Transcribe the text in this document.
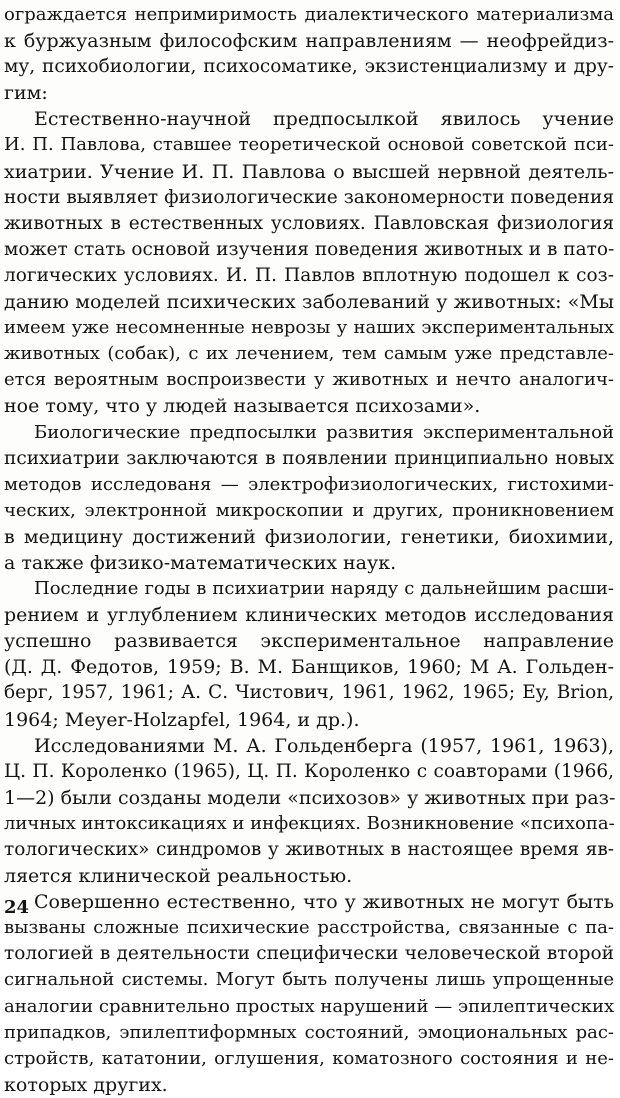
ограждается непримиримость диалектического материализма
к буржуазным философским направлениям — неофрейдиз-
му, психобиологии, психосоматике, экзистенциализму и дру-
гим:
Естественно-научной предпосылкой явилось учение
И. П. Павлова, ставшее теоретической основой советской пси-
хиатрии. Учение И. П. Павлова о высшей нервной деятель-
ности выявляет физиологические закономерности поведения
животных в естественных условиях. Павловская физиология
может стать основой изучения поведения животных и в пато-
логических условиях. И. П. Павлов вплотную подошел к соз-
данию моделей психических заболеваний у животных: «Мы
имеем уже несомненные неврозы у наших экспериментальных
животных (собак), с их лечением, тем самым уже представле-
ется вероятным воспроизвести у животных и нечто аналогич-
ное тому, что у людей называется психозами».
Биологические предпосылки развития экспериментальной
психиатрии заключаются в появлении принципиально новых
методов исследованя — электрофизиологических, гистохими-
ческих, электронной микроскопии и других, проникновением
в медицину достижений физиологии, генетики, биохимии,
а также физико-математических наук.
Последние годы в психиатрии наряду с дальнейшим расши-
рением и углублением клинических методов исследования
успешно развивается экспериментальное направление
(Д. Д. Федотов, 1959; В. М. Банщиков, 1960; М А. Гольден-
берг, 1957, 1961; А. С. Чистович, 1961, 1962, 1965; Ey, Brion,
1964; Meyer-Holzapfel, 1964, и др.).
Исследованиями М. А. Гольденберга (1957, 1961, 1963),
Ц. П. Короленко (1965), Ц. П. Короленко с соавторами (1966,
1—2) были созданы модели «психозов» у животных при раз-
личных интоксикациях и инфекциях. Возникновение «психопа-
тологических» синдромов у животных в настоящее время яв-
ляется клинической реальностью.
Совершенно естественно, что у животных не могут быть
вызваны сложные психические расстройства, связанные с па-
тологией в деятельности специфически человеческой второй
сигнальной системы. Могут быть получены лишь упрощенные
аналогии сравнительно простых нарушений — эпилептических
припадков, эпилептиформных состояний, эмоциональных рас-
стройств, кататонии, оглушения, коматозного состояния и не-
которых других.
24
